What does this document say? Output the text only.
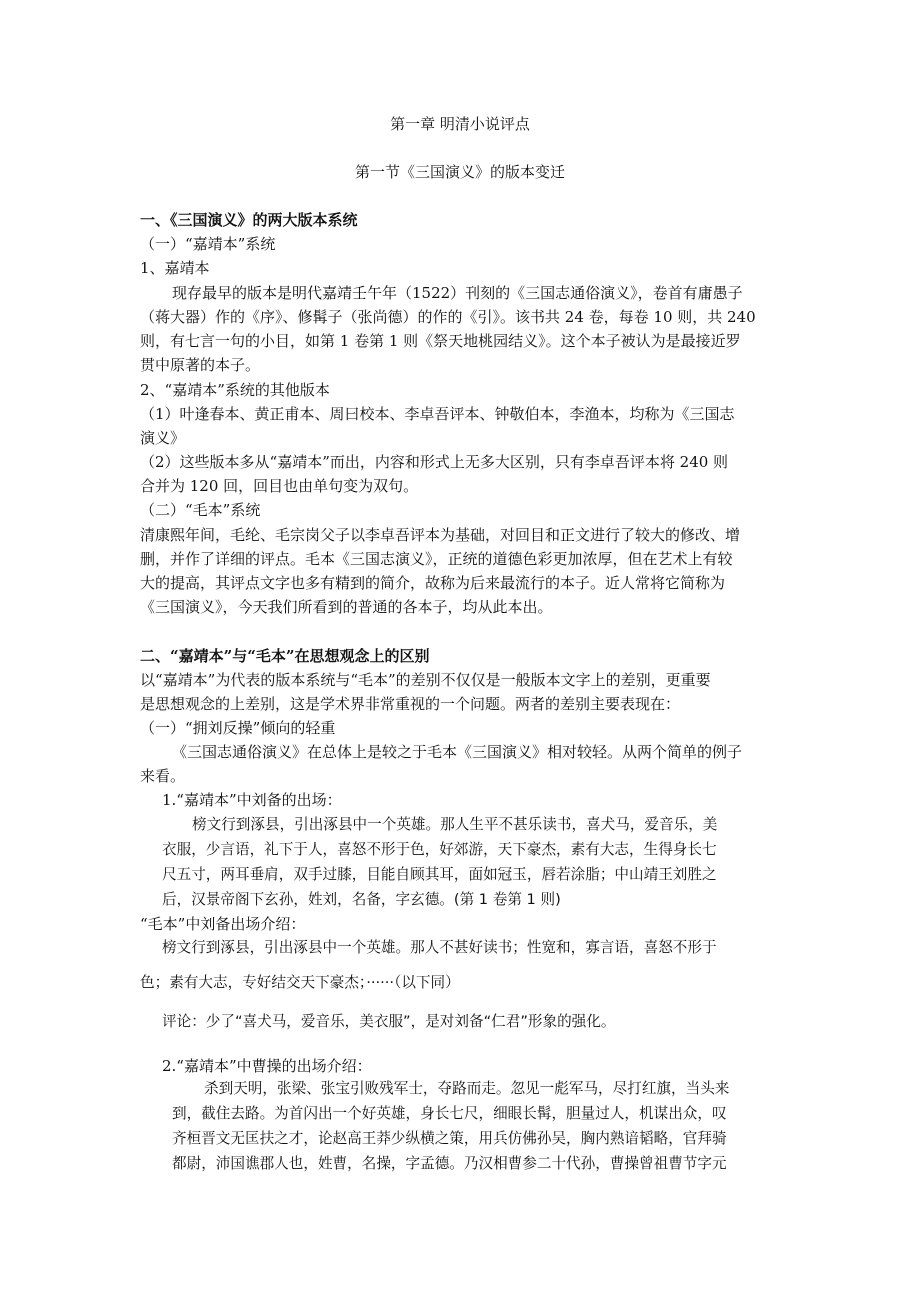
第一章 明清小说评点

第一节《三国演义》的版本变迁

一、《三国演义》的两大版本系统

（一）“嘉靖本”系统

1、嘉靖本

现存最早的版本是明代嘉靖壬午年（1522）刊刻的《三国志通俗演义》，卷首有庸愚子

（蒋大器）作的《序》、修髯子（张尚德）的作的《引》。该书共 24 卷，每卷 10 则，共 240

则，有七言一句的小目，如第 1 卷第 1 则《祭天地桃园结义》。这个本子被认为是最接近罗

贯中原著的本子。

2、“嘉靖本”系统的其他版本

（1）叶逢春本、黄正甫本、周曰校本、李卓吾评本、钟敬伯本，李渔本，均称为《三国志

演义》

（2）这些版本多从“嘉靖本”而出，内容和形式上无多大区别，只有李卓吾评本将 240 则

合并为 120 回，回目也由单句变为双句。

（二）“毛本”系统

清康熙年间，毛纶、毛宗岗父子以李卓吾评本为基础，对回目和正文进行了较大的修改、增

删，并作了详细的评点。毛本《三国志演义》，正统的道德色彩更加浓厚，但在艺术上有较

大的提高，其评点文字也多有精到的简介，故称为后来最流行的本子。近人常将它简称为

《三国演义》，今天我们所看到的普通的各本子，均从此本出。

二、“嘉靖本”与“毛本”在思想观念上的区别

以“嘉靖本”为代表的版本系统与“毛本”的差别不仅仅是一般版本文字上的差别，更重要

是思想观念的上差别，这是学术界非常重视的一个问题。两者的差别主要表现在：

（一）“拥刘反操”倾向的轻重

《三国志通俗演义》在总体上是较之于毛本《三国演义》相对较轻。从两个简单的例子

来看。

1.“嘉靖本”中刘备的出场：

榜文行到涿县，引出涿县中一个英雄。那人生平不甚乐读书，喜犬马，爱音乐，美

衣服，少言语，礼下于人，喜怒不形于色，好郊游，天下豪杰，素有大志，生得身长七

尺五寸，两耳垂肩，双手过膝，目能自顾其耳，面如冠玉，唇若涂脂；中山靖王刘胜之

后，汉景帝阁下玄孙，姓刘，名备，字玄德。(第 1 卷第 1 则)

“毛本”中刘备出场介绍：

榜文行到涿县，引出涿县中一个英雄。那人不甚好读书；性宽和，寡言语，喜怒不形于

色；素有大志，专好结交天下豪杰；······（以下同）

评论：少了“喜犬马，爱音乐，美衣服”，是对刘备“仁君”形象的强化。

2.“嘉靖本”中曹操的出场介绍：

杀到天明，张梁、张宝引败残军士，夺路而走。忽见一彪军马，尽打红旗，当头来

到，截住去路。为首闪出一个好英雄，身长七尺，细眼长髯，胆量过人，机谋出众，叹

齐桓晋文无匡扶之才，论赵高王莽少纵横之策，用兵仿佛孙吴，胸内熟谙韬略，官拜骑

都尉，沛国谯郡人也，姓曹，名操，字孟德。乃汉相曹参二十代孙，曹操曾祖曹节字元
